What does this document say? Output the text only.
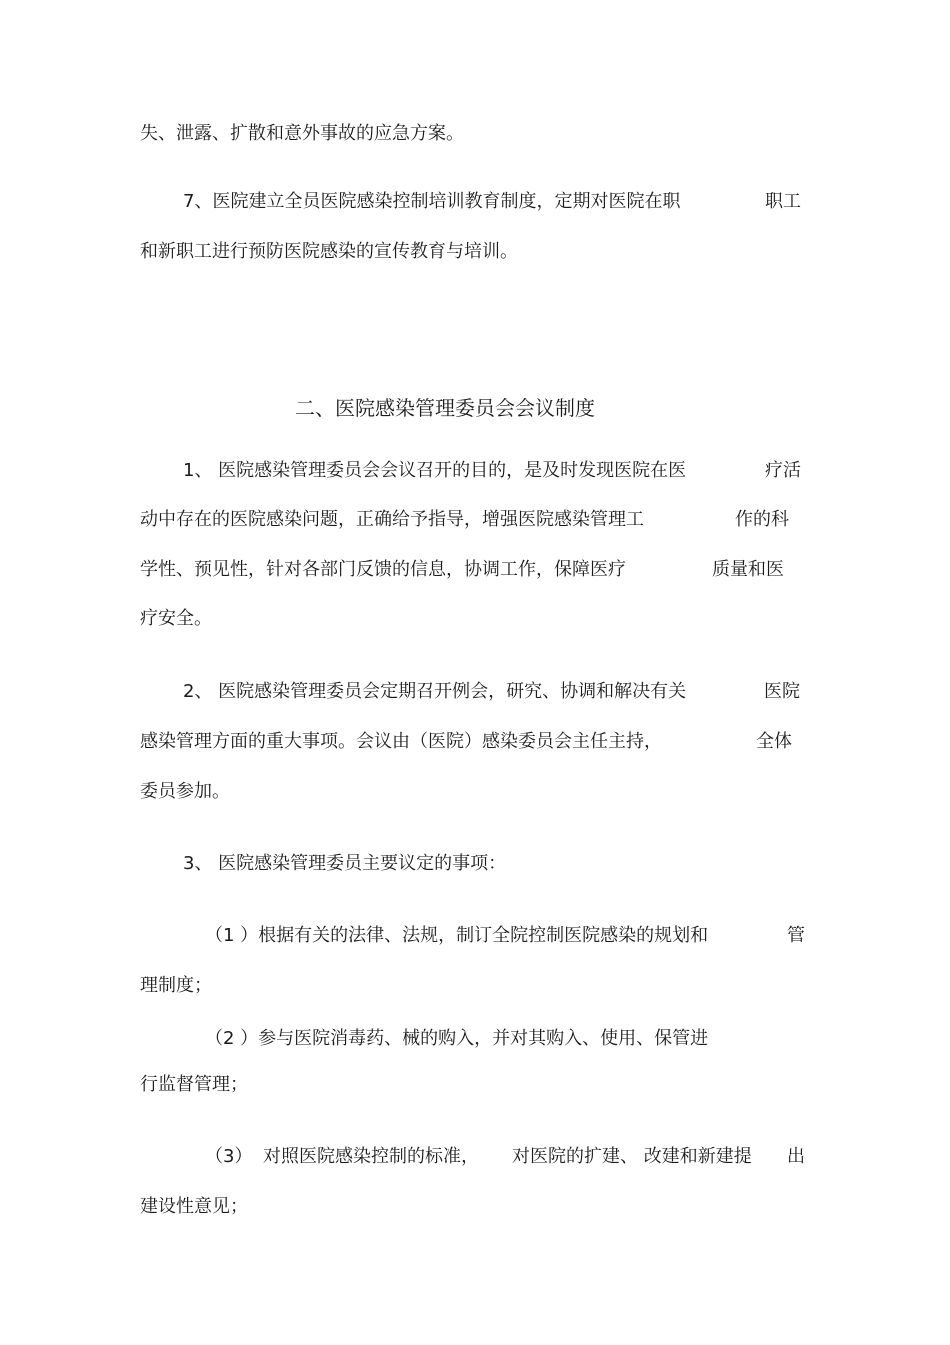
失、泄露、扩散和意外事故的应急方案。
7、医院建立全员医院感染控制培训教育制度，定期对医院在职	职工
和新职工进行预防医院感染的宣传教育与培训。
二、医院感染管理委员会会议制度
1、 医院感染管理委员会会议召开的目的，是及时发现医院在医	疗活
动中存在的医院感染问题，正确给予指导，增强医院感染管理工	作的科
学性、预见性，针对各部门反馈的信息，协调工作，保障医疗	质量和医
疗安全。
2、 医院感染管理委员会定期召开例会，研究、协调和解决有关	医院
感染管理方面的重大事项。会议由（医院）感染委员会主任主持，	全体
委员参加。
3、 医院感染管理委员主要议定的事项：
（1 ）根据有关的法律、法规，制订全院控制医院感染的规划和	管
理制度；
（2 ）参与医院消毒药、械的购入，并对其购入、使用、保管进
行监督管理；
（3） 对照医院感染控制的标准， 对医院的扩建、 改建和新建提 出
建设性意见；
